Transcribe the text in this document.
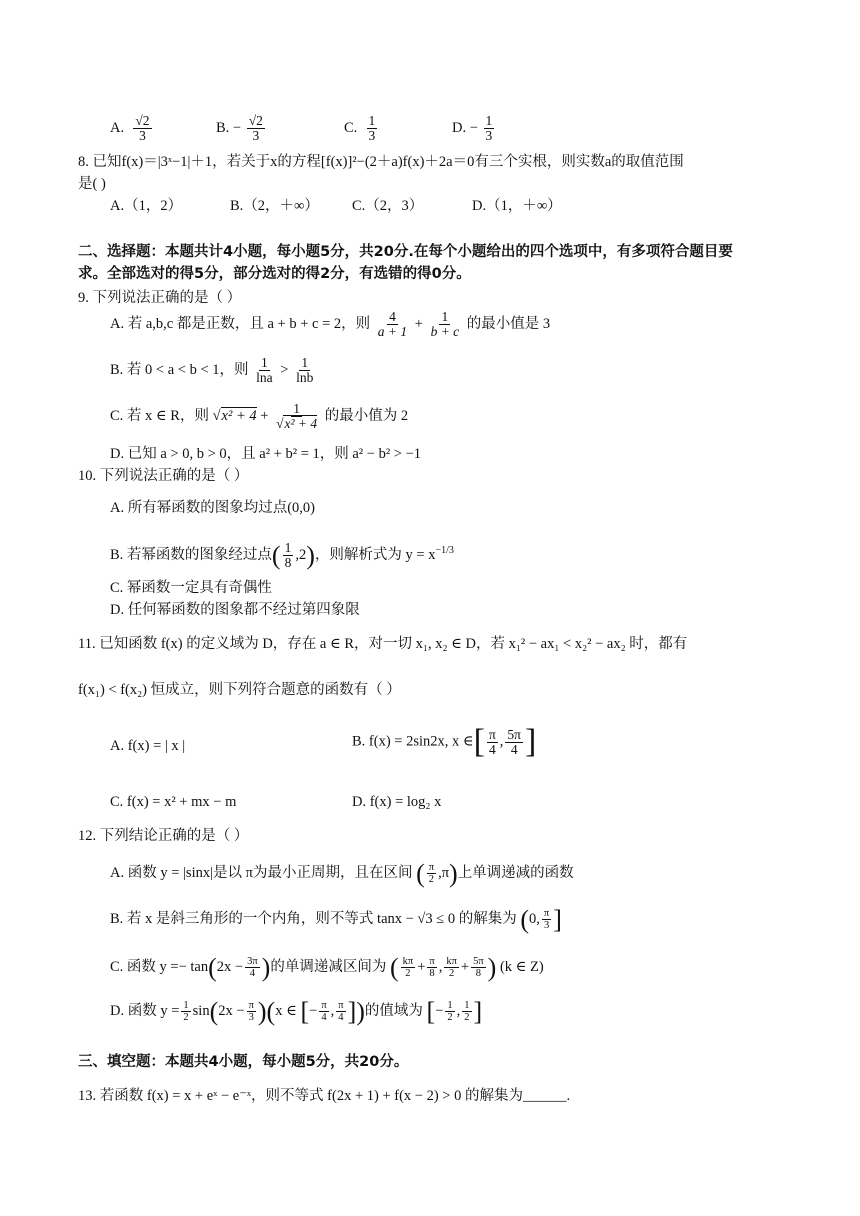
A. $\frac{√2}{3}$	B. − $\frac{√2}{3}$	C. $\frac{1}{3}$	D. − $\frac{1}{3}$
8. 已知f(x)＝|3ˣ−1|＋1，若关于x的方程[f(x)]²−(2＋a)f(x)＋2a＝0有三个实根，则实数a的取值范围
是( )
A.（1，2）	B.（2，＋∞） C.（2，3）	D.（1，＋∞）
二、选择题：本题共计4小题，每小题5分，共20分.在每个小题给出的四个选项中，有多项符合题目要
求。全部选对的得5分，部分选对的得2分，有选错的得0分。
9. 下列说法正确的是（ ）
A. 若 a,b,c 都是正数，且 a + b + c = 2，则 $\frac{4}{a + 1} + \frac{1}{b + c}$ 的最小值是 3
B. 若 0 < a < b < 1，则 $\frac{1}{\ln a} > \frac{1}{\ln b}$
C. 若 x ∈ R，则 $√x^2 + 4 + \frac{1}{\text{√x² + 4}}$ 的最小值为 2
D. 已知 a > 0, b > 0，且 a² + b² = 1，则 a² − b² > −1
10. 下列说法正确的是（ ）
A. 所有幂函数的图象均过点(0,0)
B. 若幂函数的图象经过点( $\frac{1}{8} ,2$)，则解析式为 $y = x^{-1/3}$
C. 幂函数一定具有奇偶性
D. 任何幂函数的图象都不经过第四象限
11. 已知函数 f(x) 的定义域为 D，存在 a ∈ R，对一切 x₁, x₂ ∈ D，若 x₁² − ax₁ < x₂² − ax₂ 时，都有
f(x₁) < f(x₂) 恒成立，则下列符合题意的函数有（ ）
A. f(x) = | x |	B. f(x) = 2sin2x, x ∈[ $\frac{\pi}{4}$ , $\frac{5\pi}{4}$ ]
C. f(x) = x² + mx − m	D. f(x) = log₂ x
12. 下列结论正确的是（ ）
A. 函数 y = |sinx|是以 π为最小正周期，且在区间 ( $\frac{\pi}{2} ,\pi$)上单调递减的函数
B. 若 x 是斜三角形的一个内角，则不等式 tanx − √3 ≤ 0 的解集为 (0, $\frac{\pi}{3}$ ]
C. 函数 $y =- \tan(2x - \frac{3\pi}{4}$ )的单调递减区间为 ( $\frac{k\pi}{2} + \frac{\pi}{8}$ , $\frac{k\pi}{2} + \frac{5\pi}{8}$ ) (k ∈ Z)
D. 函数 $y = \frac{1}{2} \sin(2x - \frac{\pi}{3} )(x$ ∈ [− $\frac{\pi}{4}$ , $\frac{\pi}{4}$ ])的值域为 [− $\frac{1}{2}$ , $\frac{1}{2}$ ]
三、填空题：本题共4小题，每小题5分，共20分。
13. 若函数 f(x) = x + eˣ − e⁻ˣ，则不等式 f(2x + 1) + f(x − 2) > 0 的解集为______.
